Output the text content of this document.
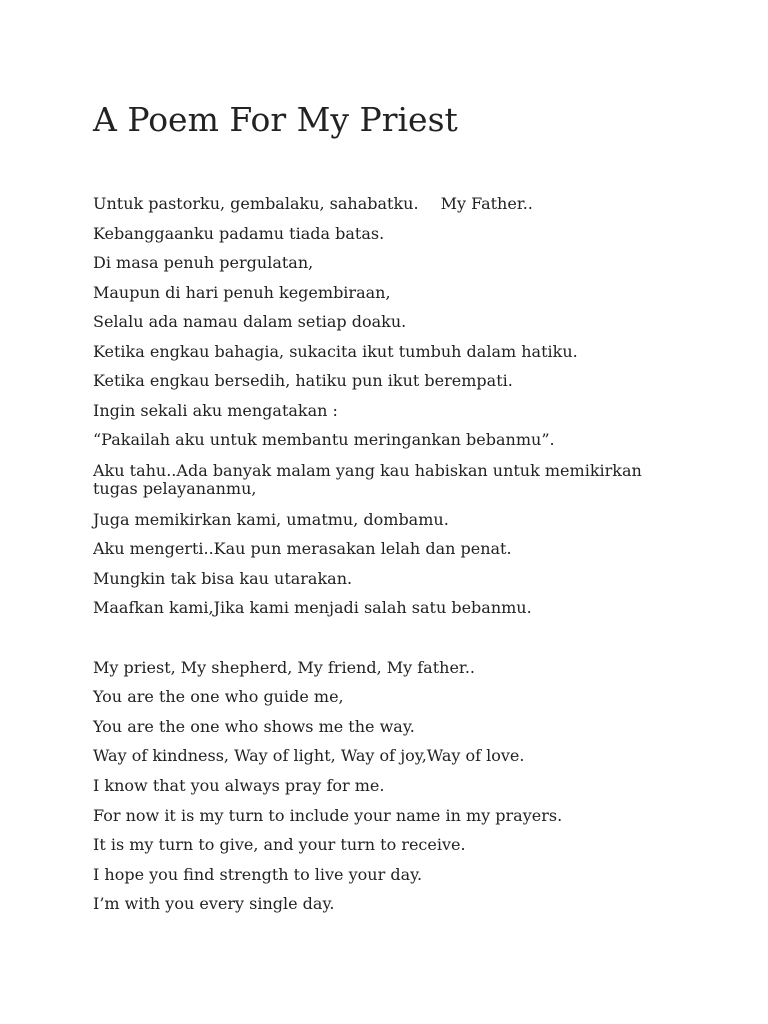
A Poem For My Priest

Untuk pastorku, gembalaku, sahabatku. My Father..

Kebanggaanku padamu tiada batas.

Di masa penuh pergulatan,

Maupun di hari penuh kegembiraan,

Selalu ada namau dalam setiap doaku.

Ketika engkau bahagia, sukacita ikut tumbuh dalam hatiku.

Ketika engkau bersedih, hatiku pun ikut berempati.

Ingin sekali aku mengatakan :

“Pakailah aku untuk membantu meringankan bebanmu”.

Aku tahu..Ada banyak malam yang kau habiskan untuk memikirkan tugas pelayananmu,

Juga memikirkan kami, umatmu, dombamu.

Aku mengerti..Kau pun merasakan lelah dan penat.

Mungkin tak bisa kau utarakan.

Maafkan kami,Jika kami menjadi salah satu bebanmu.

My priest, My shepherd, My friend, My father..

You are the one who guide me,

You are the one who shows me the way.

Way of kindness, Way of light, Way of joy,Way of love.

I know that you always pray for me.

For now it is my turn to include your name in my prayers.

It is my turn to give, and your turn to receive.

I hope you find strength to live your day.

I’m with you every single day.
